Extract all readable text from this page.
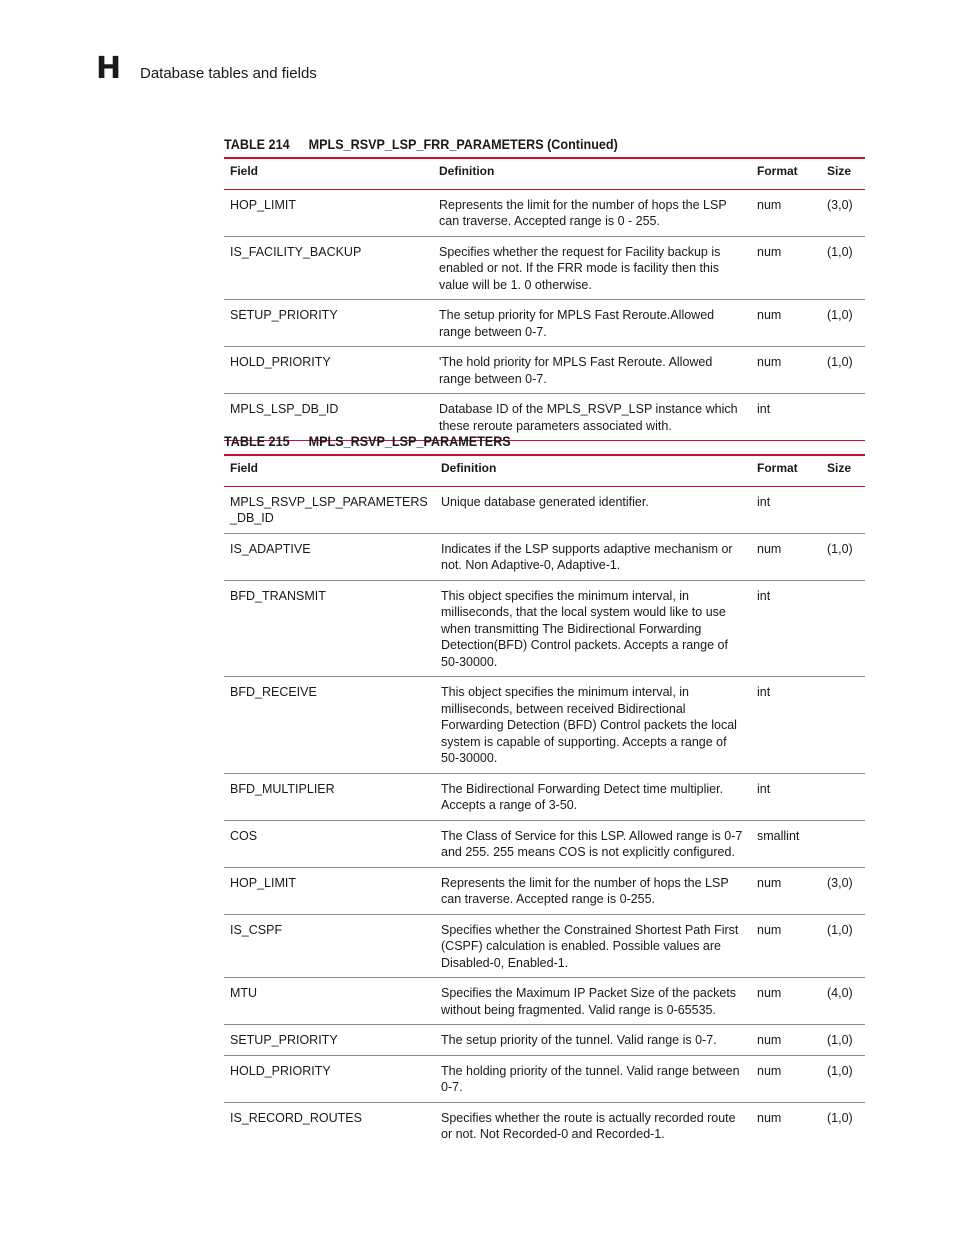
H Database tables and fields
TABLE 214 MPLS_RSVP_LSP_FRR_PARAMETERS (Continued)
Field	Definition	Format	Size
HOP_LIMIT	Represents the limit for the number of hops the LSP can traverse. Accepted range is 0 - 255.	num	(3,0)
IS_FACILITY_BACKUP	Specifies whether the request for Facility backup is enabled or not. If the FRR mode is facility then this value will be 1. 0 otherwise.	num	(1,0)
SETUP_PRIORITY	The setup priority for MPLS Fast Reroute.Allowed range between 0-7.	num	(1,0)
HOLD_PRIORITY	'The hold priority for MPLS Fast Reroute. Allowed range between 0-7.	num	(1,0)
MPLS_LSP_DB_ID	Database ID of the MPLS_RSVP_LSP instance which these reroute parameters associated with.	int	
TABLE 215 MPLS_RSVP_LSP_PARAMETERS
Field	Definition	Format	Size
MPLS_RSVP_LSP_PARAMETERS_DB_ID	Unique database generated identifier.	int	
IS_ADAPTIVE	Indicates if the LSP supports adaptive mechanism or not. Non Adaptive-0, Adaptive-1.	num	(1,0)
BFD_TRANSMIT	This object specifies the minimum interval, in milliseconds, that the local system would like to use when transmitting The Bidirectional Forwarding Detection(BFD) Control packets. Accepts a range of 50-30000.	int	
BFD_RECEIVE	This object specifies the minimum interval, in milliseconds, between received Bidirectional Forwarding Detection (BFD) Control packets the local system is capable of supporting. Accepts a range of 50-30000.	int	
BFD_MULTIPLIER	The Bidirectional Forwarding Detect time multiplier. Accepts a range of 3-50.	int	
COS	The Class of Service for this LSP. Allowed range is 0-7 and 255. 255 means COS is not explicitly configured.	smallint	
HOP_LIMIT	Represents the limit for the number of hops the LSP can traverse. Accepted range is 0-255.	num	(3,0)
IS_CSPF	Specifies whether the Constrained Shortest Path First (CSPF) calculation is enabled. Possible values are Disabled-0, Enabled-1.	num	(1,0)
MTU	Specifies the Maximum IP Packet Size of the packets without being fragmented. Valid range is 0-65535.	num	(4,0)
SETUP_PRIORITY	The setup priority of the tunnel. Valid range is 0-7.	num	(1,0)
HOLD_PRIORITY	The holding priority of the tunnel. Valid range between 0-7.	num	(1,0)
IS_RECORD_ROUTES	Specifies whether the route is actually recorded route or not. Not Recorded-0 and Recorded-1.	num	(1,0)
